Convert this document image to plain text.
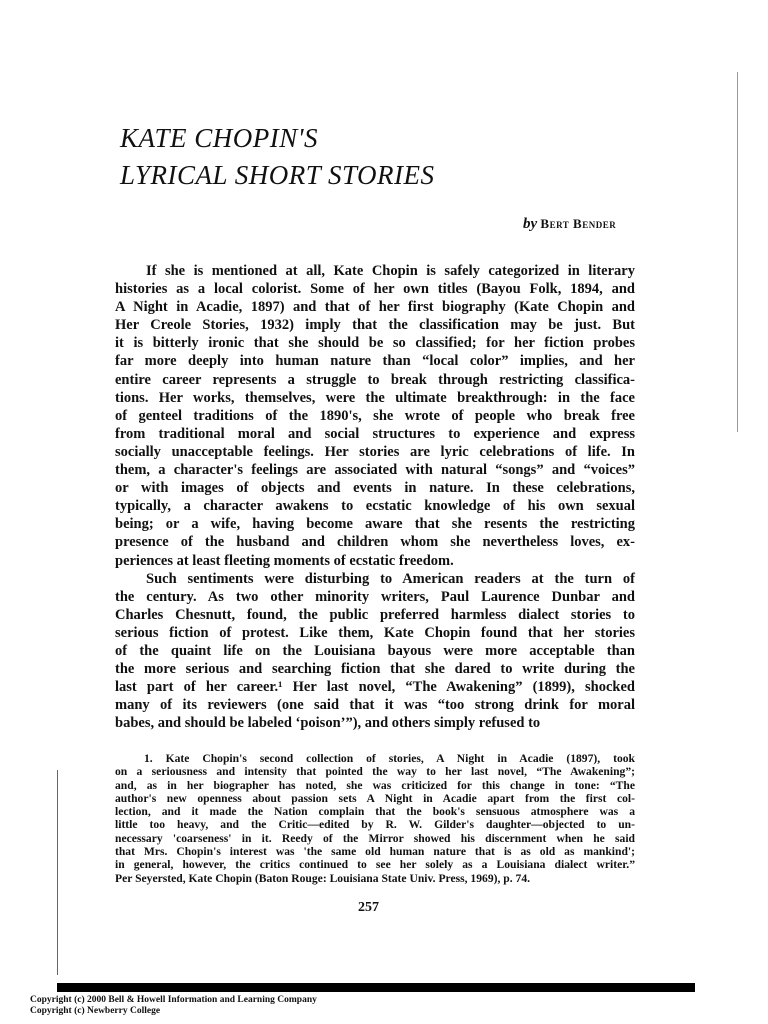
KATE CHOPIN'S
LYRICAL SHORT STORIES
by Bert Bender
If she is mentioned at all, Kate Chopin is safely categorized in literary
histories as a local colorist. Some of her own titles (Bayou Folk, 1894, and
A Night in Acadie, 1897) and that of her first biography (Kate Chopin and
Her Creole Stories, 1932) imply that the classification may be just. But
it is bitterly ironic that she should be so classified; for her fiction probes
far more deeply into human nature than “local color” implies, and her
entire career represents a struggle to break through restricting classifica-
tions. Her works, themselves, were the ultimate breakthrough: in the face
of genteel traditions of the 1890's, she wrote of people who break free
from traditional moral and social structures to experience and express
socially unacceptable feelings. Her stories are lyric celebrations of life. In
them, a character's feelings are associated with natural “songs” and “voices”
or with images of objects and events in nature. In these celebrations,
typically, a character awakens to ecstatic knowledge of his own sexual
being; or a wife, having become aware that she resents the restricting
presence of the husband and children whom she nevertheless loves, ex-
periences at least fleeting moments of ecstatic freedom.
Such sentiments were disturbing to American readers at the turn of
the century. As two other minority writers, Paul Laurence Dunbar and
Charles Chesnutt, found, the public preferred harmless dialect stories to
serious fiction of protest. Like them, Kate Chopin found that her stories
of the quaint life on the Louisiana bayous were more acceptable than
the more serious and searching fiction that she dared to write during the
last part of her career.¹ Her last novel, “The Awakening” (1899), shocked
many of its reviewers (one said that it was “too strong drink for moral
babes, and should be labeled ‘poison’”), and others simply refused to
1. Kate Chopin's second collection of stories, A Night in Acadie (1897), took
on a seriousness and intensity that pointed the way to her last novel, “The Awakening”;
and, as in her biographer has noted, she was criticized for this change in tone: “The
author's new openness about passion sets A Night in Acadie apart from the first col-
lection, and it made the Nation complain that the book's sensuous atmosphere was a
little too heavy, and the Critic—edited by R. W. Gilder's daughter—objected to un-
necessary 'coarseness' in it. Reedy of the Mirror showed his discernment when he said
that Mrs. Chopin's interest was 'the same old human nature that is as old as mankind';
in general, however, the critics continued to see her solely as a Louisiana dialect writer.”
Per Seyersted, Kate Chopin (Baton Rouge: Louisiana State Univ. Press, 1969), p. 74.
257
Copyright (c) 2000 Bell & Howell Information and Learning Company
Copyright (c) Newberry College
